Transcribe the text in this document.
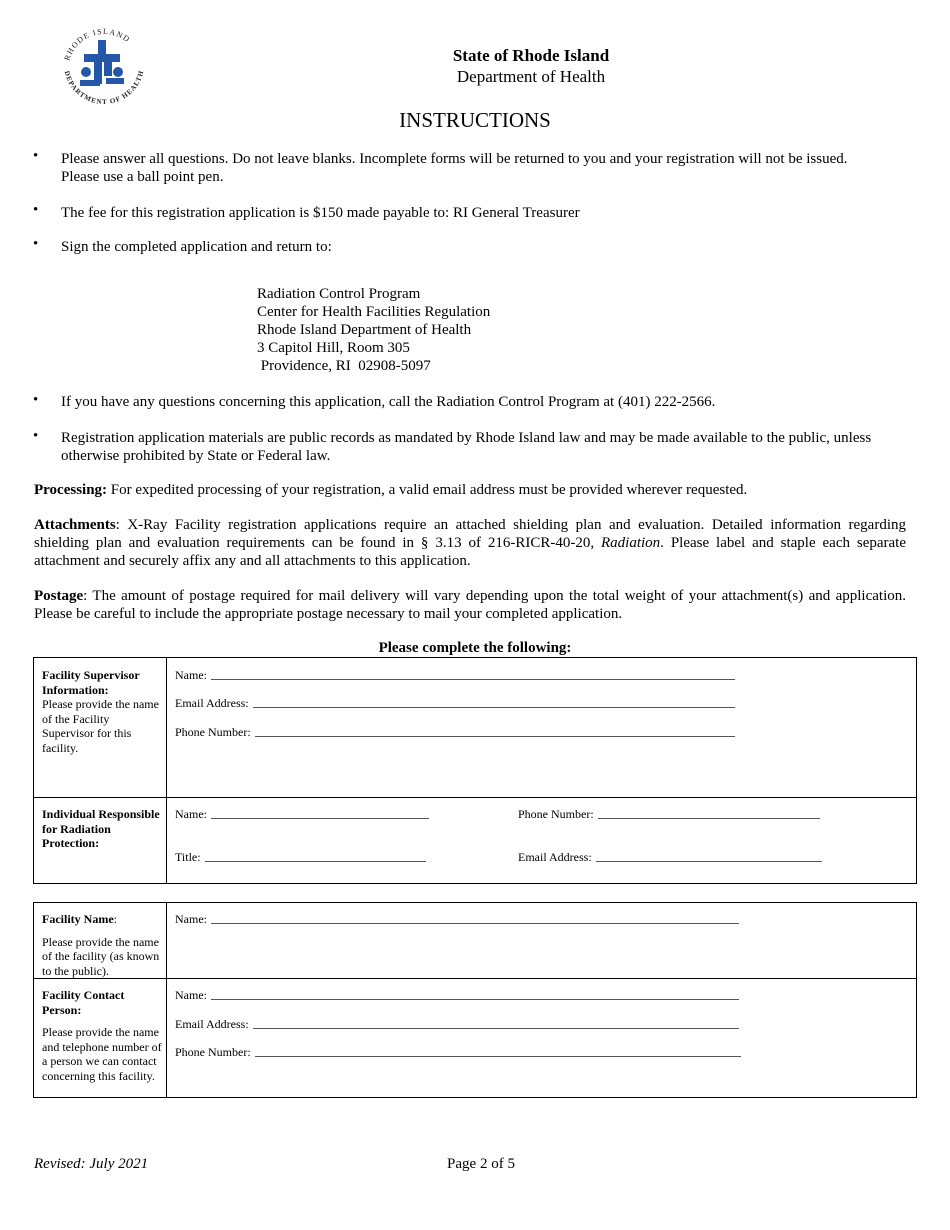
RHODE ISLAND
DEPARTMENT OF HEALTH
State of Rhode Island
Department of Health
INSTRUCTIONS
• Please answer all questions. Do not leave blanks. Incomplete forms will be returned to you and your registration will not be issued.
Please use a ball point pen.
• The fee for this registration application is $150 made payable to: RI General Treasurer
• Sign the completed application and return to:
Radiation Control Program
Center for Health Facilities Regulation
Rhode Island Department of Health
3 Capitol Hill, Room 305
Providence, RI  02908-5097
• If you have any questions concerning this application, call the Radiation Control Program at (401) 222-2566.
• Registration application materials are public records as mandated by Rhode Island law and may be made available to the public, unless
otherwise prohibited by State or Federal law.
Processing: For expedited processing of your registration, a valid email address must be provided wherever requested.
Attachments: X-Ray Facility registration applications require an attached shielding plan and evaluation. Detailed information regarding shielding plan and evaluation requirements can be found in § 3.13 of 216-RICR-40-20, Radiation. Please label and staple each separate attachment and securely affix any and all attachments to this application.
Postage: The amount of postage required for mail delivery will vary depending upon the total weight of your attachment(s) and application. Please be careful to include the appropriate postage necessary to mail your completed application.
Please complete the following:
Facility Supervisor Information:
Please provide the name of the Facility Supervisor for this facility.
Name:
Email Address:
Phone Number:
Individual Responsible for Radiation Protection:
Name:	Phone Number:
Title:	Email Address:
Facility Name:
Please provide the name of the facility (as known to the public).
Name:
Facility Contact Person:
Please provide the name and telephone number of a person we can contact concerning this facility.
Name:
Email Address:
Phone Number:
Revised: July 2021	Page 2 of 5
